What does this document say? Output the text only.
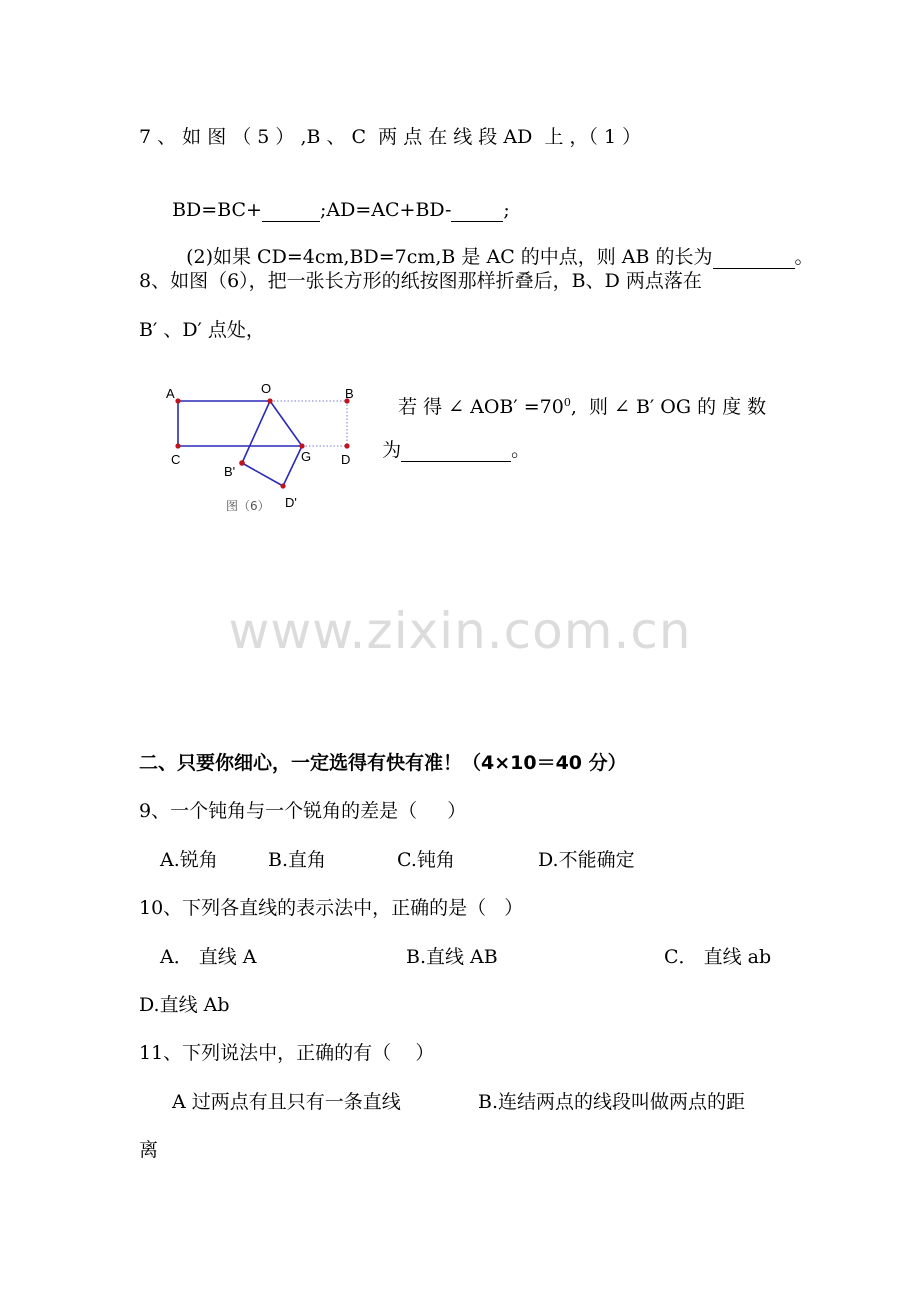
7 、 如 图 （ 5 ） ,B 、 C  两 点 在 线 段 AD  上 ，（ 1 ）

BD=BC+	;AD=AC+BD-	;

(2)如果 CD=4cm,BD=7cm,B 是 AC 的中点，则 AB 的长为	。

8、如图（6），把一张长方形的纸按图那样折叠后，B、D 两点落在
B′ 、D′ 点处，

若 得 ∠ $AOB' =70^0$,  则 ∠ B′ OG 的 度 数

为	。

A	O	B
C	G D
B'
D'
图（6）
www.zixin.com.cn
二、只要你细心，一定选得有快有准！（4×10＝40 分）
9、一个钝角与一个锐角的差是（     ）
A.锐角	B.直角	C.钝角	D.不能确定
10、下列各直线的表示法中，正确的是（   ）
A． 直线 A	B.直线 AB	C． 直线 ab
D.直线 Ab
11、下列说法中，正确的有（    ）
A 过两点有且只有一条直线	B.连结两点的线段叫做两点的距
离
